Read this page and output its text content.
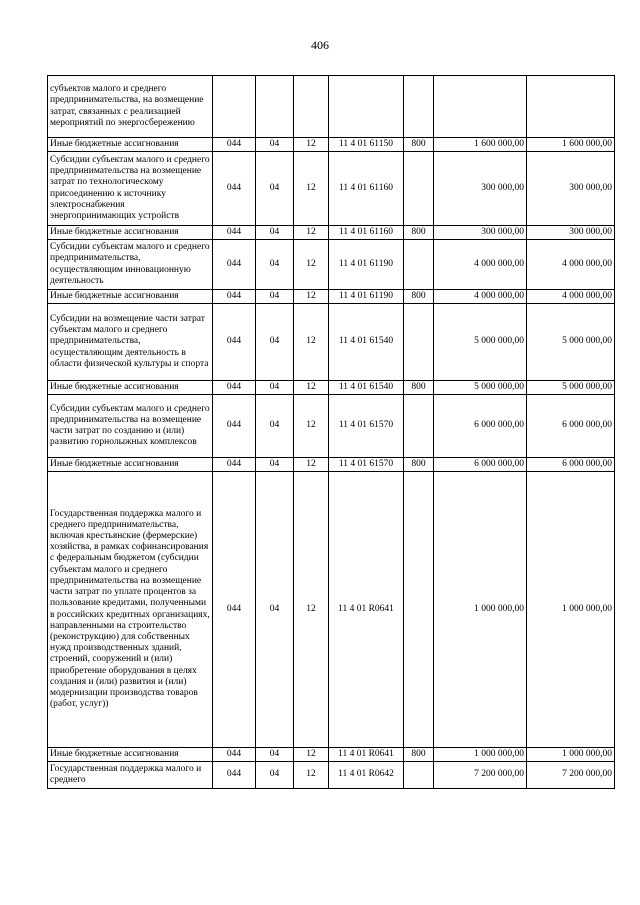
406
субъектов малого и среднего предпринимательства, на возмещение затрат, связанных с реализацией мероприятий по энергосбережению							
Иные бюджетные ассигнования	044	04	12	11 4 01 61150	800	1 600 000,00	1 600 000,00
Субсидии субъектам малого и среднего предпринимательства на возмещение затрат по технологическому присоединению к источнику электроснабжения энергопринимающих устройств	044	04	12	11 4 01 61160		300 000,00	300 000,00
Иные бюджетные ассигнования	044	04	12	11 4 01 61160	800	300 000,00	300 000,00
Субсидии субъектам малого и среднего предпринимательства, осуществляющим инновационную деятельность	044	04	12	11 4 01 61190		4 000 000,00	4 000 000,00
Иные бюджетные ассигнования	044	04	12	11 4 01 61190	800	4 000 000,00	4 000 000,00
Субсидии на возмещение части затрат субъектам малого и среднего предпринимательства, осуществляющим деятельность в области физической культуры и спорта	044	04	12	11 4 01 61540		5 000 000,00	5 000 000,00
Иные бюджетные ассигнования	044	04	12	11 4 01 61540	800	5 000 000,00	5 000 000,00
Субсидии субъектам малого и среднего предпринимательства на возмещение части затрат по созданию и (или) развитию горнолыжных комплексов	044	04	12	11 4 01 61570		6 000 000,00	6 000 000,00
Иные бюджетные ассигнования	044	04	12	11 4 01 61570	800	6 000 000,00	6 000 000,00
Государственная поддержка малого и среднего предпринимательства, включая крестьянские (фермерские) хозяйства, в рамках софинансирования с федеральным бюджетом (субсидии субъектам малого и среднего предпринимательства на возмещение части затрат по уплате процентов за пользование кредитами, полученными в российских кредитных организациях, направленными на строительство (реконструкцию) для собственных нужд производственных зданий, строений, сооружений и (или) приобретение оборудования в целях создания и (или) развития и (или) модернизации производства товаров (работ, услуг))	044	04	12	11 4 01 R0641		1 000 000,00	1 000 000,00
Иные бюджетные ассигнования	044	04	12	11 4 01 R0641	800	1 000 000,00	1 000 000,00
Государственная поддержка малого и среднего	044	04	12	11 4 01 R0642		7 200 000,00	7 200 000,00
